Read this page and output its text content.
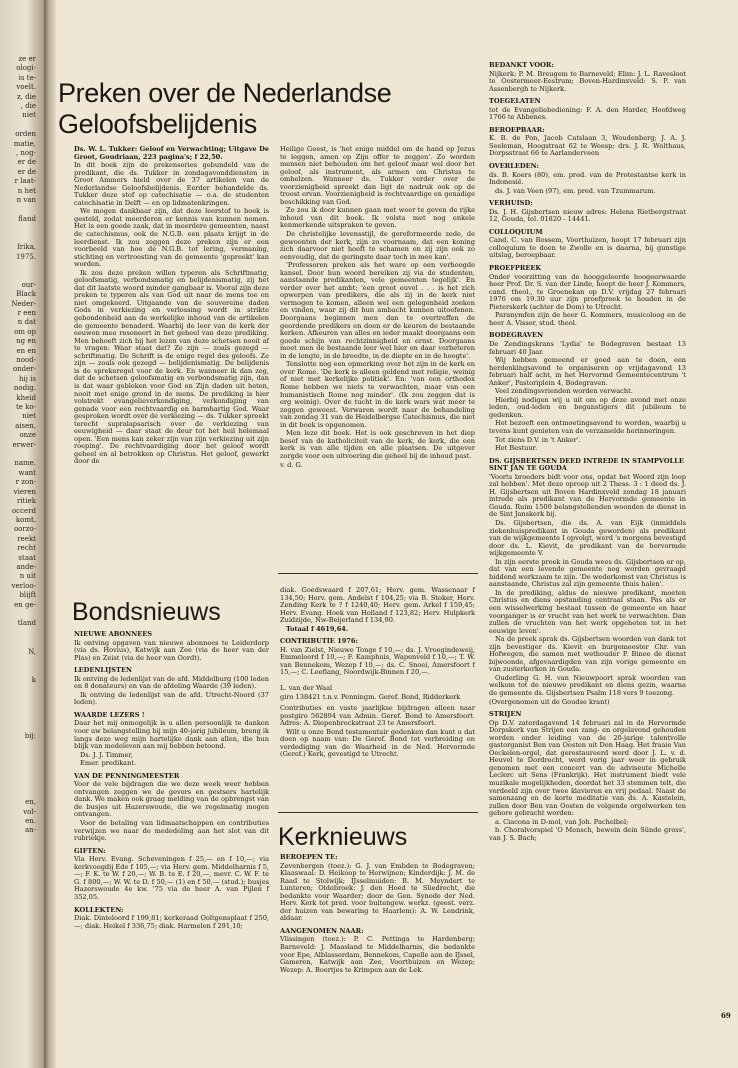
ze er
ologi-
is te-
voelt.
z, die
, die
niet

orden
matie,
, nog-
er de
er de
r laat-
n het
n van

fland

frika,
1975.

our-
Black
Neder-
r een
n dat
om op
ng en
en en
nood-
onder-
hij is
nodig.
kheid
te ko-
niet
aisen,
onze
erwer-

name.
want
r zon-
vieren
ritiek
occerd
komt.
oorzo-
reekt
recht
staat
ande-
n uit
verloo-
blijft
en ge-

tland

N,

k

bij:

en,
vol-
en.
an-
Preken over de Nederlandse Geloofsbelijdenis

Ds. W. L. Tukker: Geloof en Verwachting; Uitgave De Groot, Goudriaan, 223 pagina's; f 22,50.

In dit boek zijn de prekenseries gebundeld van de predikant, die ds. Tukker in zondagavonddiensten in Groot Ammers hield over de 37 artikelen van de Nederlandse Geloofsbelijdenis. Eerder behandelde ds. Tukker deze stof op catechisatie — o.a. de studenten catechisatie in Delft — en op lidmatenkringen.

We mogen dankbaar zijn, dat deze leerstof te boek is gesteld, zodat meerderen er kennis van kunnen nemen. Het is een goede zaak, dat in meerdere gemeenten, naast de catechismus, ook de N.G.B. een plaats krijgt in de leerdienst. Ik zou zeggen deze preken zijn er een voorbeeld van hoe de N.G.B. tot lering, vermaning, stichting en vertroosting van de gemeente 'gepreekt' kan worden.

Ik zou deze preken willen typeren als Schriftmatig, geloofsmatig, verbondsmatig en belijdenismatig, zij het dat dit laatste woord minder gangbaar is. Vooral zijn deze preken te typeren als van God uit naar de mens toe en niet omgekeerd. Uitgaande van de souvereine daden Gods in verkiezing en verlossing wordt in strikte gebondenheid aan de werkelijke inhoud van de artikelen de gemeente benaderd. Waarbij de leer van de kerk der eeuwen mee resoneert in het geheel van deze prediking. Men behoeft zich bij het lezen van deze schetsen nooit af te vragen: Waar staat dat? Ze zijn — zoals gezegd — schriftmatig. De Schrift is de enige regel des geloofs. Ze zijn — zoals ook gezegd — belijdenismatig. De belijdenis is de sprekeregel voor de kerk. En wanneer ik dan zeg, dat de schetsen geloofsmatig en verbondsmatig zijn, dan is dat waar gebleken voor God en Zijn daden uit heten, nooit met enige grond in de mens. De prediking is hier volstrekt evangelieverkondiging, verkondiging van genade voor een rechtvaardig en barmhartig God. Waar gesproken wordt over de verkiezing — ds. Tukker spreekt terecht supralapsarisch over de verkiezing van eeuwigheid — daar staat de deur tot het heil helemaal open. 'Een mens kan zeker zijn van zijn verkiezing uit zijn roeping'. De rechtvaardiging door het geloof wordt geheel en al betrokken op Christus. Het geloof, gewerkt door de

Heilige Geest, is 'het enige middel om de hand op Jezus te leggen, amen op Zijn offer te zeggen'. Zo worden mensen niet behouden om het geloof maar wel door het geloof, als instrument, als armen om Christus te omhelzen. Wanneer ds. Tukker verder over de voorzienigheid spreekt dan ligt de nadruk ook op de troost ervan. Voorzienigheid is rechtvaardige en genadige beschikking van God.

Zo zou ik door kunnen gaan met weer te geven de rijke inhoud van dit boek. Ik volsta met nog enkele kenmerkende uitspraken te geven.

De christelijke levensstijl, de gereformeerde zede, de gewoonten der kerk, zijn zo voornaam, dat een koning zich daarvoor niet hoeft te schamen en zij zijn ook zo eenvoudig, dat de geringste daar toch in mee kan'.

'Professoren preken als het ware op een verhoogde kansel. Door hun woord bereiken zij via de studenten, aanstaande predikanten, vele gemeenten tegelijk'. En verder over het ambt: 'een groot euvel . . . is het zich opwerpen van predikers, die als zij in de kerk niet vermogen te komen, alleen wel een gelegenheid zoeken en vinden, waar zij dit hun ambacht kunnen uitoefenen. Doorgaans beginnen men dan te overtreffen de geordende predikers en doen er de keuren de bestaande kerken. Afkeuren van alles en ieder maakt doorgaans een goede schijn van rechtzinnigheid en ernst. Doorgaans moet men de bestaande leer wel hier en daar verbeteren in de lengte, in de breedte, in de diepte en in de hoogte'.

Tenslotte nog een opmerking over het zijn in de kerk en over Rome. 'De kerk is alleen geldend met religie, weinig of niet met kerkelijke politiek'. En: 'van een orthodox Rome hebben we niets te verwachten, maar van een humanistisch Rome nog minder'. (Ik zou zeggen dat is erg weinig). Over de tucht in de kerk wars wat meer te zeggen geweest. Verwaren wordt naar de behandeling van zondag 31 van de Heidelbergse Catechismus, die niet in dit boek is opgenomen.

Men leze dit boek. Het is ook geschreven in het diep besef van de katholiciteit van de kerk, de kerk, die een kerk is van alle tijden en alle plaatsen. De uitgever zorgde voor een uitvoering die geheel bij de inhoud past.

v. d. G.

BEDANKT VOOR:

Nijkerk: P. M. Breugem te Barneveld; Elim: J. L. Ravesloot te Oostermeer-Eestrum; Boven-Hardinxveld: S. P. van Assenbergh te Nijkerk.

TOEGELATEN

tot de Evangeliebediening: F. A. den Harder, Hoofdweg 1766 te Abbenes.

BEROEPBAAR:

K. B. de Pon, Jacob Catslaan 3, Woudenberg; J. A. J. Seeleman, Hoogstraat 62 te Weesp; drs. J. R. Wolthaus, Dorpsstraat 66 te Aarlanderveen

OVERLEDEN:

ds. B. Koers (80), em. pred. van de Protestantse kerk in Indonesië.

ds. J. van Veen (97), em. pred. van Tzummarum.

VERHUISD:

Ds. J. H. Gijsbertsen nieuw adres: Helena Rietbergstraat 12, Gouda, tel. 01820 - 14441.

COLLOQUIUM

Cand. C. van Rossem, Voorthuizen, hoopt 17 februari zijn colloquium te doen te Zwolle en is daarna, bij gunstige uitslag, beroepbaar.

PROEFPREEK

Onder voorzitting van de hooggeleerde hoogeerwaarde heer Prof. Dr. S. van der Linde, hoopt de heer J. Kommers, cand. theol., te Groenekan op D.V. vrijdag 27 februari 1976 om 19.30 uur zijn proefpreek te houden in de Pieterskerk (achter de Dom) te Utrecht.

Paranymfen zijn de heer G. Kommers, musicoloog en de heer A. Visser, stud. theol.

BODEGRAVEN

De Zendingskrans 'Lydia' te Bodegraven bestaat 13 februari 40 Jaar.

Wij hebben gemeend er goed aan te doen, een herdenkingsavond te organiseren op vrijdagavond 13 februari half acht, in het Hervormd Gemeentecentrum 't Anker', Pastoriplein 4, Bodegraven.

Veel zendingsvrienden worden verwacht.

Hierbij nodigen wij u uit om op deze avond met onze leden, oud-leden en begunstigers dit jubileum te gedenken.

Het bezoeft een ontmoetingsavond te worden, waarbij u tevens kunt genieten van de verzamelde herinneringen.

Tot ziens D.V. in 't Anker'.

Het Bestuur.

DS. GIJSBERTSEN DEED INTREDE IN STAMPVOLLE SINT JAN TE GOUDA

'Voorts broeders bidt voor ons, opdat het Woord zijn loop zal hebben'. Met deze oproep uit 2 Thess. 3 : 1 deed ds. J. H. Gijsbertsen uit Boven Hardinxveld zondag 18 januari intrede als predikant van de Hervormde gemeente in Gouda. Ruim 1500 belangstellenden woonden de dienst in de Sint Janskerk bij.

Ds. Gijsbertsen, die ds. A. van Eijk (inmiddels ziekenhuispredikant in Gouda geworden) als predikant van de wijkgemeente I opvolgt, werd 's morgens bevestigd door ds. L. Kievit, de predikant van de hervormde wijkgemeente V.

In zijn eerste preek in Gouda wees ds. Gijsbertsen er op, dat van een levende gemeente nog worden gevraagd biddend werkzaam te zijn. 'De wederkomst van Christus is aanstaande, Christus zal zijn gemeente thuis halen'.

In de prediking, aldus de nieuwe predikant, moeten Christus en diens opstanding centraal staan. Pas als er een wisselwerking bestaat tussen de gemeente en haar voorganger is er vrucht van het werk te verwachten. Dan zullen de vruchten van het werk opgeheten tot in het eeuwige leven'.

Na de preek sprak ds. Gijsbertsen woorden van dank tot zijn bevestiger ds. Kievit en burgemeester Chr. van Hofwegen, die samen met wethouder P. Binee de dienst bijwoonde, afgevaardigden van zijn vorige gemeente en van zusterkerken in Gouda.

Ouderling G. H. van Nieuwpoort sprak woorden van welkom tot de nieuwe predikant en diens gezin, waarna de gemeente ds. Gijsbertsen Psalm 118 vers 9 toezong.

(Overgenomen uit de Goudse krant)

STRIJEN

Op D.V. zaterdagavond 14 februari zal in de Hervormde Dorpskerk van Strijen een zang- en orgelavond gehouden worden onder leiding van de 20-jarige talentvolle gastorganist Ben van Oosten uit Den Haag. Het fraaie Van Oeckelen-orgel, dat gerestaureerd werd door J. L. v. d. Heuvel te Dordrecht, werd vorig jaar weer in gebruik genomen met een concert van de adviseute Michelle Leclerc uit Sens (Frankrijk). Het instrument biedt vele muzikale mogelijkheden, doordat het 33 stemmen telt, die verdeeld zijn over twee klavieren en vrij pedaal. Naast de samenzang en de korte meditatie van ds. A. Kastelein, zullen door Ben van Oosten de volgende orgelwerken ten gehore gebracht worden:

a. Ciacona in D-mol, van Joh. Pachelbel;

b. Choralvorspiel 'O Mensch, bewein dein Sünde gross', van J. S. Bach;

Bondsnieuws
NIEUWE ABONNEES

Ik ontving opgaven van nieuwe abonnees te Leiderdorp (via ds. Hovius), Katwijk aan Zee (via de heer van der Plas) en Zeist (via de heer van Oordt).

LEDENLIJSTEN

Ik ontving de ledenlijst van de afd. Middelburg (100 leden en 8 donateurs) en van de afdeling Waarde (39 leden).

Ik ontving de ledenlijst van de afd. Utrecht-Noord (37 leden).

WAARDE LEZERS !

Daar het mij onmogelijk is u allen persoonlijk te danken voor uw belangstelling bij mijn 40-jarig jubileum, breng ik langs deze weg mijn hartelijke dank aan allen, die hun blijk van medeleven aan mij hebben betoond.

Ds. J. J. Timmer,

Emer. predikant.

VAN DE PENNINGMEESTER

Voor de vele bijdragen die we deze week weer hebben ontvangen zeggen we de gevers en gestsers hartelijk dank. We maken ook graag melding van de opbrengst van de busjes uit Hazerswoude, die we regelmatig mogen ontvangen.

Voor de betaling van lidmaatschappen en contributies verwijzen we naar de mededeling aan het slot van dit rubriekje.

GIFTEN:

Via Herv. Evang. Scheveningen f 25,— en f 10,—; via kerkvoogdij Ede f 105,—; via Herv. gem. Middelharnis f 5,—; F. K. te W. f 20,—; W. B. te E. f 20,—, mevr. C. W. F. te G. f 800,—; W. W. te D. f 50,— (1) en f 50,— (stud.); busjes Hazerswoude 4e kw. '75 via de heer A. van Pijlen f 352,05.

KOLLEKTEN:

Diak. Dinteloord f 199,81; kerkeraad Ooltgensplaat f 250,—; diak. Heikel f 336,75; diak. Harmelen f 291,10;

diak. Goedswaard f 207,61; Herv. gem. Wassenaar f 134,50; Herv. gem. Andelst f 104,25; via B. Stoker, Herv. Zending Kerk te ? f 1240,40; Herv. gem. Arkel f 159,45; Herv. Evang. Hoek van Holland f 123,82; Herv. Hulpkerk Zuidzijde, Nw-Beijerland f 134,90.

Totaal f 4619,64.

CONTRIBUTIE 1976:

H. van Zielst, Nieuwe Tonge f 10,—; ds. J. Vroegindeweij, Emmeloord f 10,—; F. Kamphuis, Wapenveld f 10,—; T. W. van Bennekom, Wezep f 10,—; ds. C. Snoei, Amersfoort f 15,—; C. Leeflang, Noordwijk-Binnen f 20,—.

L. van der Waal

giro 138421 t.n.v. Penningm. Geref. Bond, Ridderkerk

Contributies en vaste jaarlijkse bijdragen alleen naar postgiro 562894 van Admin. Geref. Bond te Amersfoort. Adres: A. Diepenbrockstraat 23 te Amersfoort.

Wilt u onze Bond testamentair gedenken dan kunt u dat doen op naam van: De Geref. Bond tot verbreiding en verdediging van de Waarheid in de Ned. Hervormde (Geref.) Kerk, gevestigd te Utrecht.

Kerknieuws
BEROEPEN TE:

Zevenbergen (toez.): G. J. van Embden te Bodegraven; Klaaswaal: D. Heikoop te Herwijnen; Kinderdijk: J. M. de Raad te Stolwijk; IJsselmuiden: B. M. Meyndert te Lunteren; Oldebroek: J. den Hoed te Sliedrecht, die bedankte voor Waarder; door de Gen. Synode der Ned. Herv. Kerk tot pred. voor buitengew. werkz. (geest. verz. der huizen van bewaring te Haarlem): A. W. Lendrink, aldaar.

AANGENOMEN NAAR:

Vlissingen (toez.): P. C. Pettinga te Hardenberg; Barneveld: J. Maasland te Middelharnis, die bedankte voor Epe, Alblasserdam, Bennekom, Capelle aan de IJssel, Gameren, Katwijk aan Zee, Voorthuizen en Wezep; Wezep: A. Boertjes te Krimpen aan de Lek.

69
